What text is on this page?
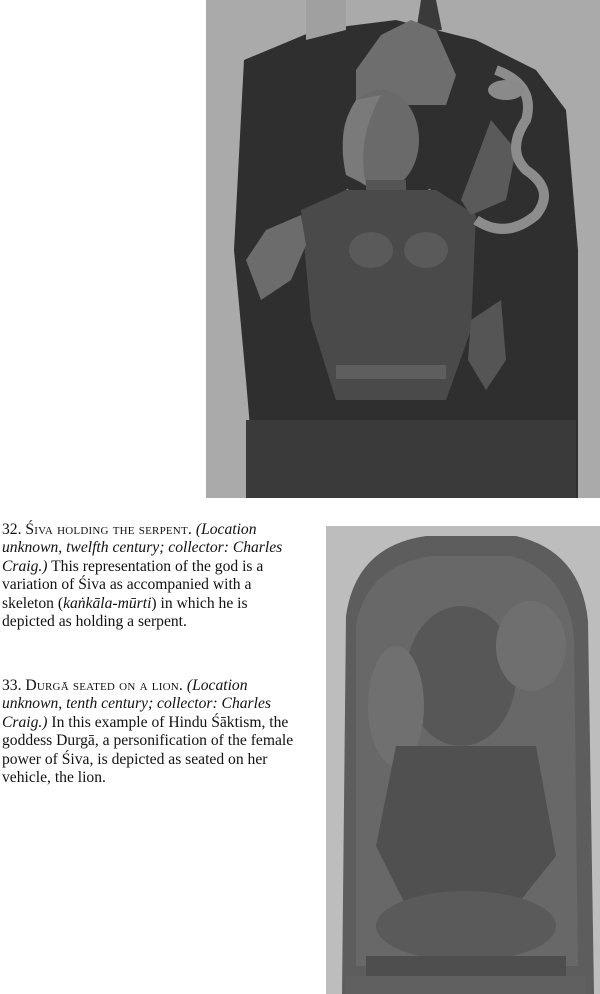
32. Śiva holding the serpent. (Location unknown, twelfth century; collector: Charles Craig.) This representation of the god is a variation of Śiva as accompanied with a skeleton (kaṅkāla-mūrti) in which he is depicted as holding a serpent.
33. Durgā seated on a lion. (Location unknown, tenth century; collector: Charles Craig.) In this example of Hindu Śāktism, the goddess Durgā, a personification of the female power of Śiva, is depicted as seated on her vehicle, the lion.
